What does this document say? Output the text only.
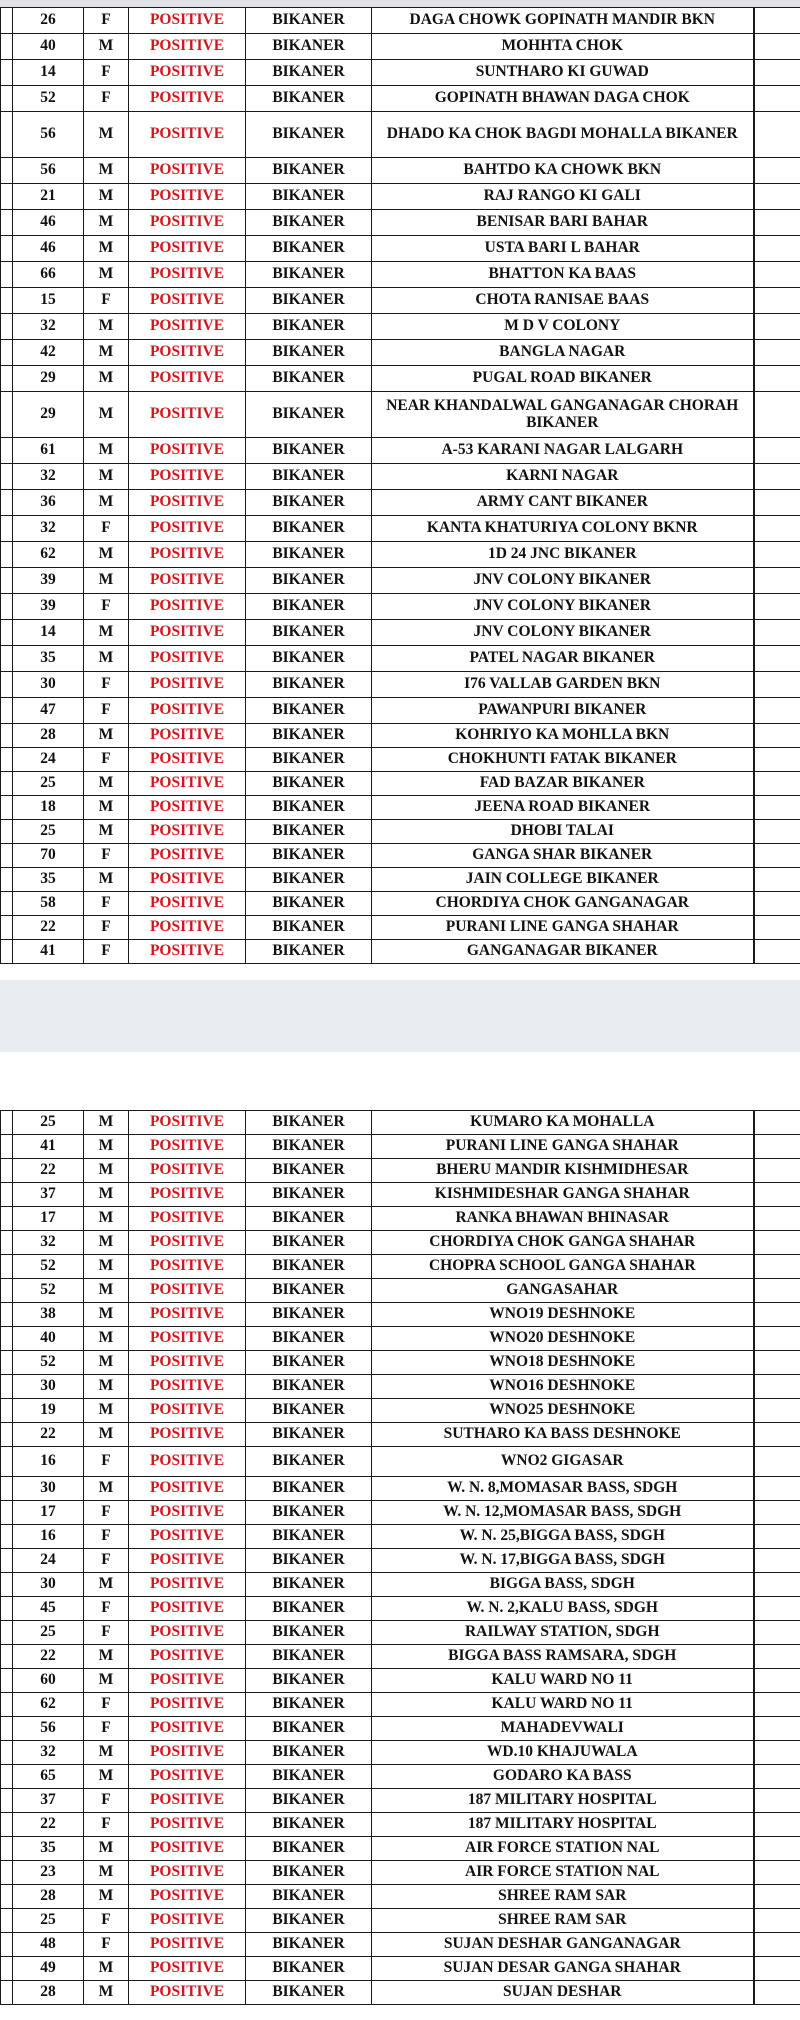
	26	F	POSITIVE	BIKANER	DAGA CHOWK GOPINATH MANDIR BKN	
	40	M	POSITIVE	BIKANER	MOHHTA CHOK	
	14	F	POSITIVE	BIKANER	SUNTHARO KI GUWAD	
	52	F	POSITIVE	BIKANER	GOPINATH BHAWAN DAGA CHOK	
	56	M	POSITIVE	BIKANER	DHADO KA CHOK BAGDI MOHALLA BIKANER	
	56	M	POSITIVE	BIKANER	BAHTDO KA CHOWK BKN	
	21	M	POSITIVE	BIKANER	RAJ RANGO KI GALI	
	46	M	POSITIVE	BIKANER	BENISAR BARI BAHAR	
	46	M	POSITIVE	BIKANER	USTA BARI L BAHAR	
	66	M	POSITIVE	BIKANER	BHATTON KA BAAS	
	15	F	POSITIVE	BIKANER	CHOTA RANISAE BAAS	
	32	M	POSITIVE	BIKANER	M D V COLONY	
	42	M	POSITIVE	BIKANER	BANGLA NAGAR	
	29	M	POSITIVE	BIKANER	PUGAL ROAD BIKANER	
	29	M	POSITIVE	BIKANER	NEAR KHANDALWAL GANGANAGAR CHORAH BIKANER	
	61	M	POSITIVE	BIKANER	A-53 KARANI NAGAR LALGARH	
	32	M	POSITIVE	BIKANER	KARNI NAGAR	
	36	M	POSITIVE	BIKANER	ARMY CANT BIKANER	
	32	F	POSITIVE	BIKANER	KANTA KHATURIYA COLONY BKNR	
	62	M	POSITIVE	BIKANER	1D 24 JNC BIKANER	
	39	M	POSITIVE	BIKANER	JNV COLONY BIKANER	
	39	F	POSITIVE	BIKANER	JNV COLONY BIKANER	
	14	M	POSITIVE	BIKANER	JNV COLONY BIKANER	
	35	M	POSITIVE	BIKANER	PATEL NAGAR BIKANER	
	30	F	POSITIVE	BIKANER	I76 VALLAB GARDEN BKN	
	47	F	POSITIVE	BIKANER	PAWANPURI BIKANER	
	28	M	POSITIVE	BIKANER	KOHRIYO KA MOHLLA BKN	
	24	F	POSITIVE	BIKANER	CHOKHUNTI FATAK BIKANER	
	25	M	POSITIVE	BIKANER	FAD BAZAR BIKANER	
	18	M	POSITIVE	BIKANER	JEENA ROAD BIKANER	
	25	M	POSITIVE	BIKANER	DHOBI TALAI	
	70	F	POSITIVE	BIKANER	GANGA SHAR BIKANER	
	35	M	POSITIVE	BIKANER	JAIN COLLEGE BIKANER	
	58	F	POSITIVE	BIKANER	CHORDIYA CHOK GANGANAGAR	
	22	F	POSITIVE	BIKANER	PURANI LINE GANGA SHAHAR	
	41	F	POSITIVE	BIKANER	GANGANAGAR BIKANER	
	25	M	POSITIVE	BIKANER	KUMARO KA MOHALLA	
	41	M	POSITIVE	BIKANER	PURANI LINE GANGA SHAHAR	
	22	M	POSITIVE	BIKANER	BHERU MANDIR KISHMIDHESAR	
	37	M	POSITIVE	BIKANER	KISHMIDESHAR GANGA SHAHAR	
	17	M	POSITIVE	BIKANER	RANKA BHAWAN BHINASAR	
	32	M	POSITIVE	BIKANER	CHORDIYA CHOK GANGA SHAHAR	
	52	M	POSITIVE	BIKANER	CHOPRA SCHOOL GANGA SHAHAR	
	52	M	POSITIVE	BIKANER	GANGASAHAR	
	38	M	POSITIVE	BIKANER	WNO19 DESHNOKE	
	40	M	POSITIVE	BIKANER	WNO20 DESHNOKE	
	52	M	POSITIVE	BIKANER	WNO18 DESHNOKE	
	30	M	POSITIVE	BIKANER	WNO16 DESHNOKE	
	19	M	POSITIVE	BIKANER	WNO25 DESHNOKE	
	22	M	POSITIVE	BIKANER	SUTHARO KA BASS DESHNOKE	
	16	F	POSITIVE	BIKANER	WNO2 GIGASAR	
	30	M	POSITIVE	BIKANER	W. N. 8,MOMASAR BASS, SDGH	
	17	F	POSITIVE	BIKANER	W. N. 12,MOMASAR BASS, SDGH	
	16	F	POSITIVE	BIKANER	W. N. 25,BIGGA BASS, SDGH	
	24	F	POSITIVE	BIKANER	W. N. 17,BIGGA BASS, SDGH	
	30	M	POSITIVE	BIKANER	BIGGA BASS, SDGH	
	45	F	POSITIVE	BIKANER	W. N. 2,KALU BASS, SDGH	
	25	F	POSITIVE	BIKANER	RAILWAY STATION, SDGH	
	22	M	POSITIVE	BIKANER	BIGGA BASS RAMSARA, SDGH	
	60	M	POSITIVE	BIKANER	KALU WARD NO 11	
	62	F	POSITIVE	BIKANER	KALU WARD NO 11	
	56	F	POSITIVE	BIKANER	MAHADEVWALI	
	32	M	POSITIVE	BIKANER	WD.10 KHAJUWALA	
	65	M	POSITIVE	BIKANER	GODARO KA BASS	
	37	F	POSITIVE	BIKANER	187 MILITARY HOSPITAL	
	22	F	POSITIVE	BIKANER	187 MILITARY HOSPITAL	
	35	M	POSITIVE	BIKANER	AIR FORCE STATION NAL	
	23	M	POSITIVE	BIKANER	AIR FORCE STATION NAL	
	28	M	POSITIVE	BIKANER	SHREE RAM SAR	
	25	F	POSITIVE	BIKANER	SHREE RAM SAR	
	48	F	POSITIVE	BIKANER	SUJAN DESHAR GANGANAGAR	
	49	M	POSITIVE	BIKANER	SUJAN DESAR GANGA SHAHAR	
	28	M	POSITIVE	BIKANER	SUJAN DESHAR	
